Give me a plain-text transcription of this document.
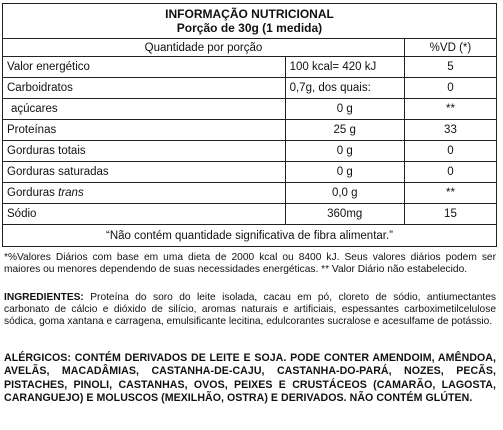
INFORMAÇÃO NUTRICIONAL
Porção de 30g (1 medida)		

Quantidade por porção		%VD (*)
Valor energético	100 kcal= 420 kJ	5
Carboidratos	0,7g, dos quais:	0
açúcares	0 g	**
Proteínas	25 g	33
Gorduras totais	0 g	0
Gorduras saturadas	0 g	0
Gorduras trans	0,0 g	**
Sódio	360mg	15
“Não contém quantidade significativa de fibra alimentar.”		
*%Valores Diários com base em uma dieta de 2000 kcal ou 8400 kJ. Seus valores diários podem ser maiores ou menores dependendo de suas necessidades energéticas. ** Valor Diário não estabelecido.
INGREDIENTES: Proteína do soro do leite isolada, cacau em pó, cloreto de sódio, antiumectantes carbonato de cálcio e dióxido de silício, aromas naturais e artificiais, espessantes carboximetilcelulose sódica, goma xantana e carragena, emulsificante lecitina, edulcorantes sucralose e acesulfame de potássio.
ALÉRGICOS: CONTÉM DERIVADOS DE LEITE E SOJA. PODE CONTER AMENDOIM, AMÊNDOA, AVELÃS, MACADÂMIAS, CASTANHA-DE-CAJU, CASTANHA-DO-PARÁ, NOZES, PECÃS, PISTACHES, PINOLI, CASTANHAS, OVOS, PEIXES E CRUSTÁCEOS (CAMARÃO, LAGOSTA, CARANGUEJO) E MOLUSCOS (MEXILHÃO, OSTRA) E DERIVADOS. NÃO CONTÉM GLÚTEN.
